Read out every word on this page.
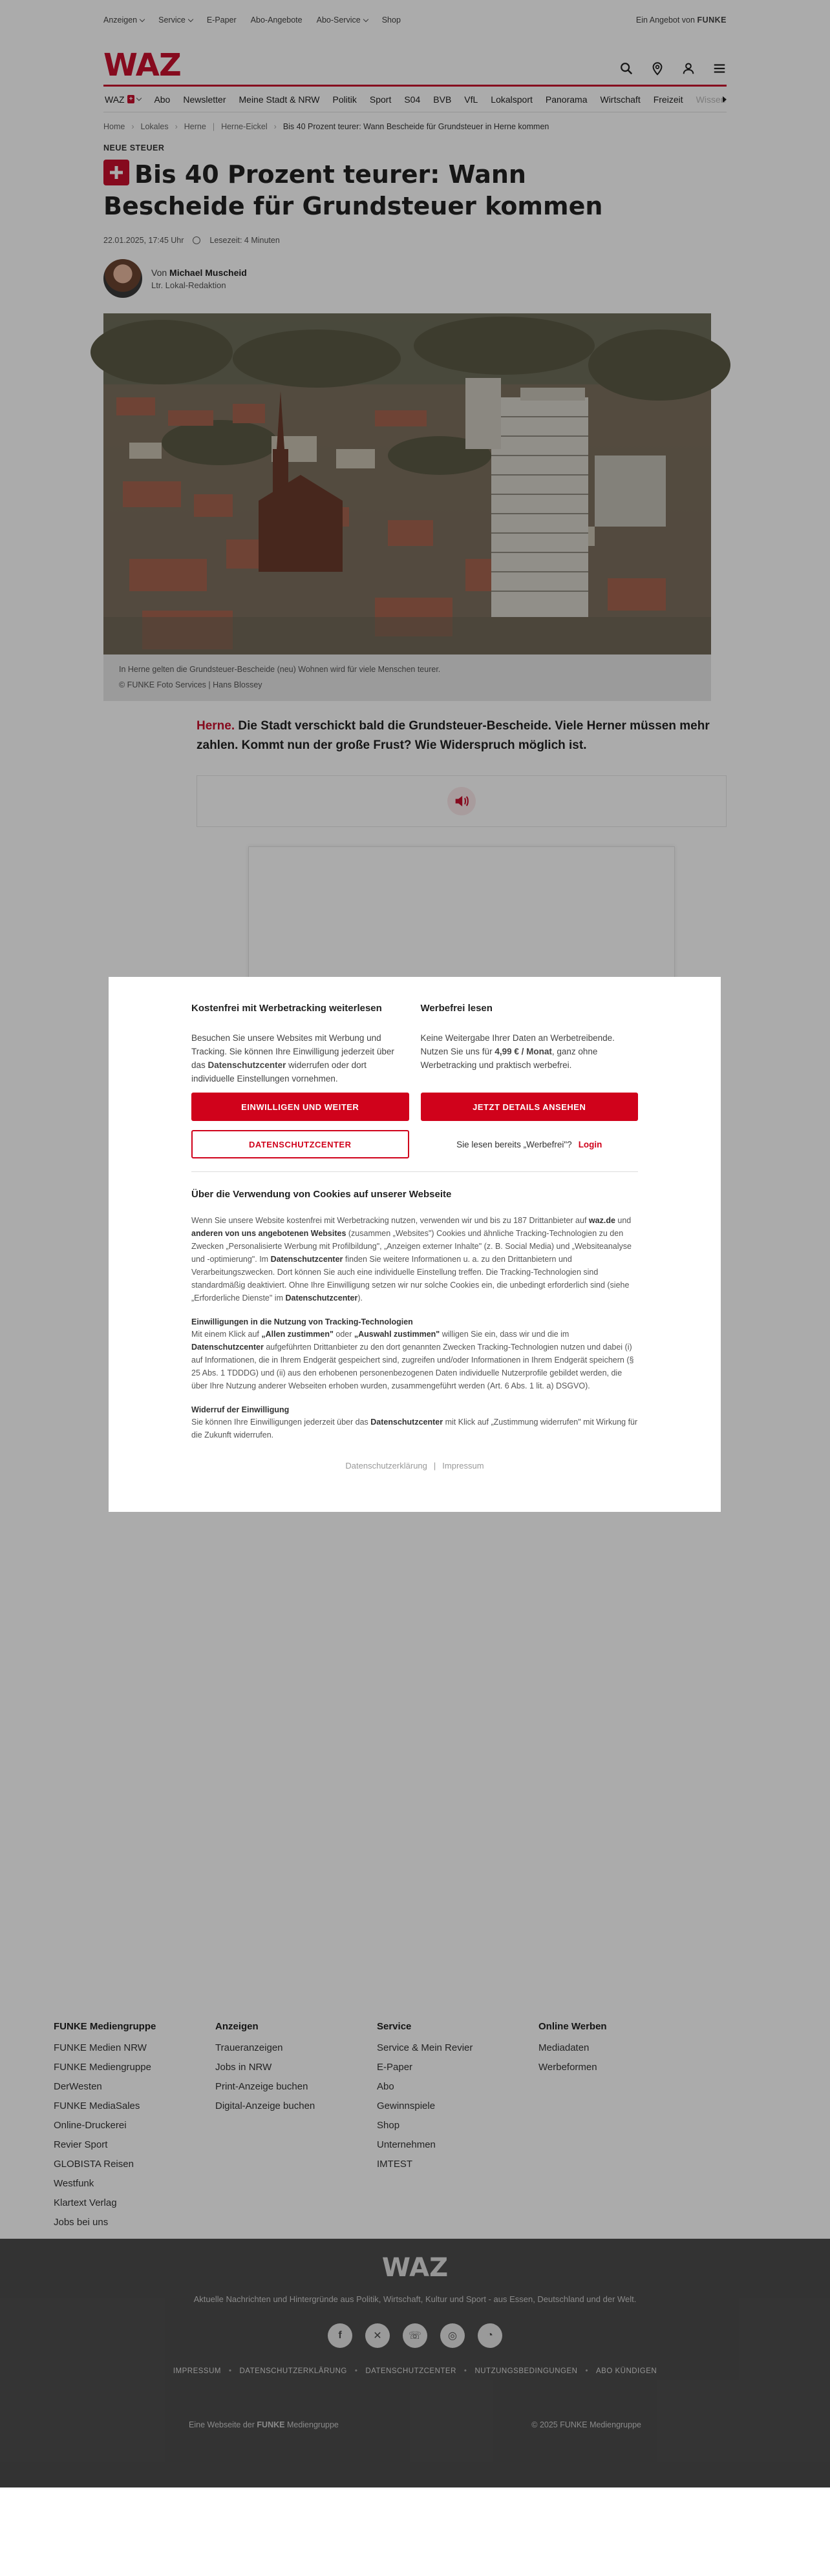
Anzeigen	Service	E-Paper Abo-Angebote Abo-Service	Shop	Ein Angebot von FUNKE
WAZ
WAZ +	Abo	Newsletter	Meine Stadt & NRW	Politik	Sport	S04	BVB	VfL	Lokalsport	Panorama	Wirtschaft	Freizeit	Wissen
Home › Lokales › Herne | Herne-Eickel › Bis 40 Prozent teurer: Wann Bescheide für Grundsteuer in Herne kommen
NEUE STEUER
Bis 40 Prozent teurer: Wann Bescheide für Grundsteuer kommen
22.01.2025, 17:45 Uhr	Lesezeit: 4 Minuten
Von Michael Muscheid
Ltr. Lokal-Redaktion
In Herne gelten die Grundsteuer-Bescheide (neu) Wohnen wird für viele Menschen teurer.
© FUNKE Foto Services | Hans Blossey

Herne. Die Stadt verschickt bald die Grundsteuer-Bescheide. Viele Herner müssen mehr zahlen. Kommt nun der große Frust? Wie Widerspruch möglich ist.

FUNKE Mediengruppe
FUNKE Medien NRW
FUNKE Mediengruppe
DerWesten
FUNKE MediaSales
Online-Druckerei
Revier Sport
GLOBISTA Reisen
Westfunk
Klartext Verlag
Jobs bei uns
Anzeigen
Traueranzeigen
Jobs in NRW
Print-Anzeige buchen
Digital-Anzeige buchen
Service
Service & Mein Revier
E-Paper
Abo
Gewinnspiele
Shop
Unternehmen
IMTEST
Online Werben
Mediadaten
Werbeformen
WAZ
Aktuelle Nachrichten und Hintergründe aus Politik, Wirtschaft, Kultur und Sport - aus Essen, Deutschland und der Welt.
f	✕	☏	◎	◔
IMPRESSUM • DATENSCHUTZERKLÄRUNG • DATENSCHUTZCENTER • NUTZUNGSBEDINGUNGEN • ABO KÜNDIGEN
Eine Webseite der FUNKE Mediengruppe	© 2025 FUNKE Mediengruppe
Kostenfrei mit Werbetracking weiterlesen

Besuchen Sie unsere Websites mit Werbung und Tracking. Sie können Ihre Einwilligung jederzeit über das Datenschutzcenter widerrufen oder dort individuelle Einstellungen vornehmen.

EINWILLIGEN UND WEITER
DATENSCHUTZCENTER
Werbefrei lesen

Keine Weitergabe Ihrer Daten an Werbetreibende. Nutzen Sie uns für 4,99 € / Monat, ganz ohne Werbetracking und praktisch werbefrei.

JETZT DETAILS ANSEHEN
Sie lesen bereits „Werbefrei"? Login
Über die Verwendung von Cookies auf unserer Webseite

Wenn Sie unsere Website kostenfrei mit Werbetracking nutzen, verwenden wir und bis zu 187 Drittanbieter auf waz.de und anderen von uns angebotenen Websites (zusammen „Websites") Cookies und ähnliche Tracking-Technologien zu den Zwecken „Personalisierte Werbung mit Profilbildung", „Anzeigen externer Inhalte" (z. B. Social Media) und „Websiteanalyse und -optimierung". Im Datenschutzcenter finden Sie weitere Informationen u. a. zu den Drittanbietern und Verarbeitungszwecken. Dort können Sie auch eine individuelle Einstellung treffen. Die Tracking-Technologien sind standardmäßig deaktiviert. Ohne Ihre Einwilligung setzen wir nur solche Cookies ein, die unbedingt erforderlich sind (siehe „Erforderliche Dienste" im Datenschutzcenter).

Einwilligungen in die Nutzung von Tracking-Technologien

Mit einem Klick auf „Allen zustimmen" oder „Auswahl zustimmen" willigen Sie ein, dass wir und die im Datenschutzcenter aufgeführten Drittanbieter zu den dort genannten Zwecken Tracking-Technologien nutzen und dabei (i) auf Informationen, die in Ihrem Endgerät gespeichert sind, zugreifen und/oder Informationen in Ihrem Endgerät speichern (§ 25 Abs. 1 TDDDG) und (ii) aus den erhobenen personenbezogenen Daten individuelle Nutzerprofile gebildet werden, die über Ihre Nutzung anderer Webseiten erhoben wurden, zusammengeführt werden (Art. 6 Abs. 1 lit. a) DSGVO).

Widerruf der Einwilligung

Sie können Ihre Einwilligungen jederzeit über das Datenschutzcenter mit Klick auf „Zustimmung widerrufen" mit Wirkung für die Zukunft widerrufen.

Datenschutzerklärung | Impressum
